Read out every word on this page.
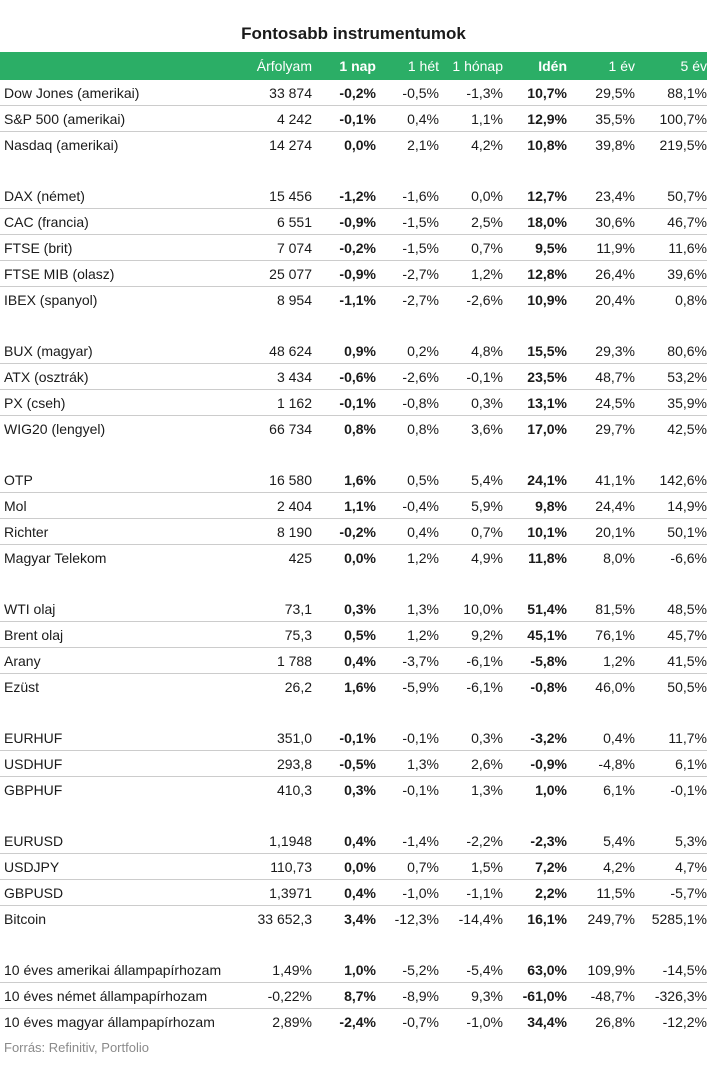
Fontosabb instrumentumok
	Árfolyam	1 nap	1 hét	1 hónap	Idén	1 év	5 év
Dow Jones (amerikai)	33 874	-0,2%	-0,5%	-1,3%	10,7%	29,5%	88,1%
S&P 500 (amerikai)	4 242	-0,1%	0,4%	1,1%	12,9%	35,5%	100,7%
Nasdaq (amerikai)	14 274	0,0%	2,1%	4,2%	10,8%	39,8%	219,5%

DAX (német)	15 456	-1,2%	-1,6%	0,0%	12,7%	23,4%	50,7%
CAC (francia)	6 551	-0,9%	-1,5%	2,5%	18,0%	30,6%	46,7%
FTSE (brit)	7 074	-0,2%	-1,5%	0,7%	9,5%	11,9%	11,6%
FTSE MIB (olasz)	25 077	-0,9%	-2,7%	1,2%	12,8%	26,4%	39,6%
IBEX (spanyol)	8 954	-1,1%	-2,7%	-2,6%	10,9%	20,4%	0,8%

BUX (magyar)	48 624	0,9%	0,2%	4,8%	15,5%	29,3%	80,6%
ATX (osztrák)	3 434	-0,6%	-2,6%	-0,1%	23,5%	48,7%	53,2%
PX (cseh)	1 162	-0,1%	-0,8%	0,3%	13,1%	24,5%	35,9%
WIG20 (lengyel)	66 734	0,8%	0,8%	3,6%	17,0%	29,7%	42,5%

OTP	16 580	1,6%	0,5%	5,4%	24,1%	41,1%	142,6%
Mol	2 404	1,1%	-0,4%	5,9%	9,8%	24,4%	14,9%
Richter	8 190	-0,2%	0,4%	0,7%	10,1%	20,1%	50,1%
Magyar Telekom	425	0,0%	1,2%	4,9%	11,8%	8,0%	-6,6%

WTI olaj	73,1	0,3%	1,3%	10,0%	51,4%	81,5%	48,5%
Brent olaj	75,3	0,5%	1,2%	9,2%	45,1%	76,1%	45,7%
Arany	1 788	0,4%	-3,7%	-6,1%	-5,8%	1,2%	41,5%
Ezüst	26,2	1,6%	-5,9%	-6,1%	-0,8%	46,0%	50,5%

EURHUF	351,0	-0,1%	-0,1%	0,3%	-3,2%	0,4%	11,7%
USDHUF	293,8	-0,5%	1,3%	2,6%	-0,9%	-4,8%	6,1%
GBPHUF	410,3	0,3%	-0,1%	1,3%	1,0%	6,1%	-0,1%

EURUSD	1,1948	0,4%	-1,4%	-2,2%	-2,3%	5,4%	5,3%
USDJPY	110,73	0,0%	0,7%	1,5%	7,2%	4,2%	4,7%
GBPUSD	1,3971	0,4%	-1,0%	-1,1%	2,2%	11,5%	-5,7%
Bitcoin	33 652,3	3,4%	-12,3%	-14,4%	16,1%	249,7%	5285,1%

10 éves amerikai állampapírhozam	1,49%	1,0%	-5,2%	-5,4%	63,0%	109,9%	-14,5%
10 éves német állampapírhozam	-0,22%	8,7%	-8,9%	9,3%	-61,0%	-48,7%	-326,3%
10 éves magyar állampapírhozam	2,89%	-2,4%	-0,7%	-1,0%	34,4%	26,8%	-12,2%
Forrás: Refinitiv, Portfolio
